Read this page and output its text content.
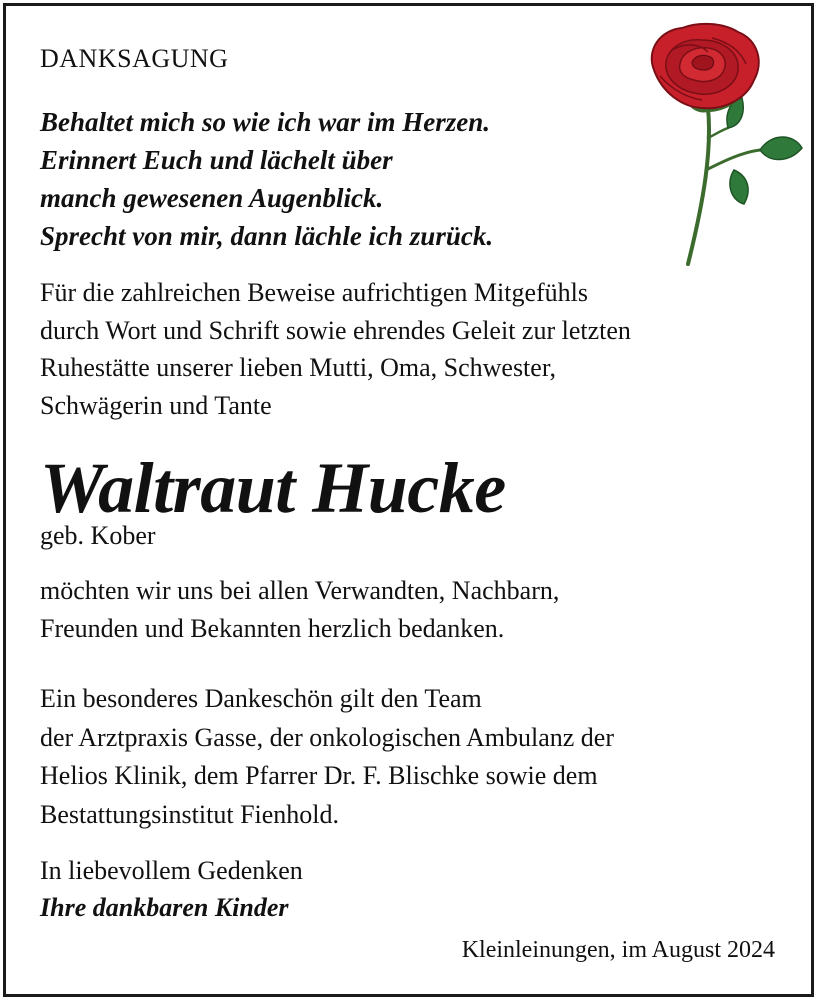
DANKSAGUNG
Behaltet mich so wie ich war im Herzen.
Erinnert Euch und lächelt über
manch gewesenen Augenblick.
Sprecht von mir, dann lächle ich zurück.
Für die zahlreichen Beweise aufrichtigen Mitgefühls
durch Wort und Schrift sowie ehrendes Geleit zur letzten
Ruhestätte unserer lieben Mutti, Oma, Schwester,
Schwägerin und Tante
Waltraut Hucke
geb. Kober
möchten wir uns bei allen Verwandten, Nachbarn,
Freunden und Bekannten herzlich bedanken.
Ein besonderes Dankeschön gilt den Team
der Arztpraxis Gasse, der onkologischen Ambulanz der
Helios Klinik, dem Pfarrer Dr. F. Blischke sowie dem
Bestattungsinstitut Fienhold.
In liebevollem Gedenken
Ihre dankbaren Kinder
Kleinleinungen, im August 2024
